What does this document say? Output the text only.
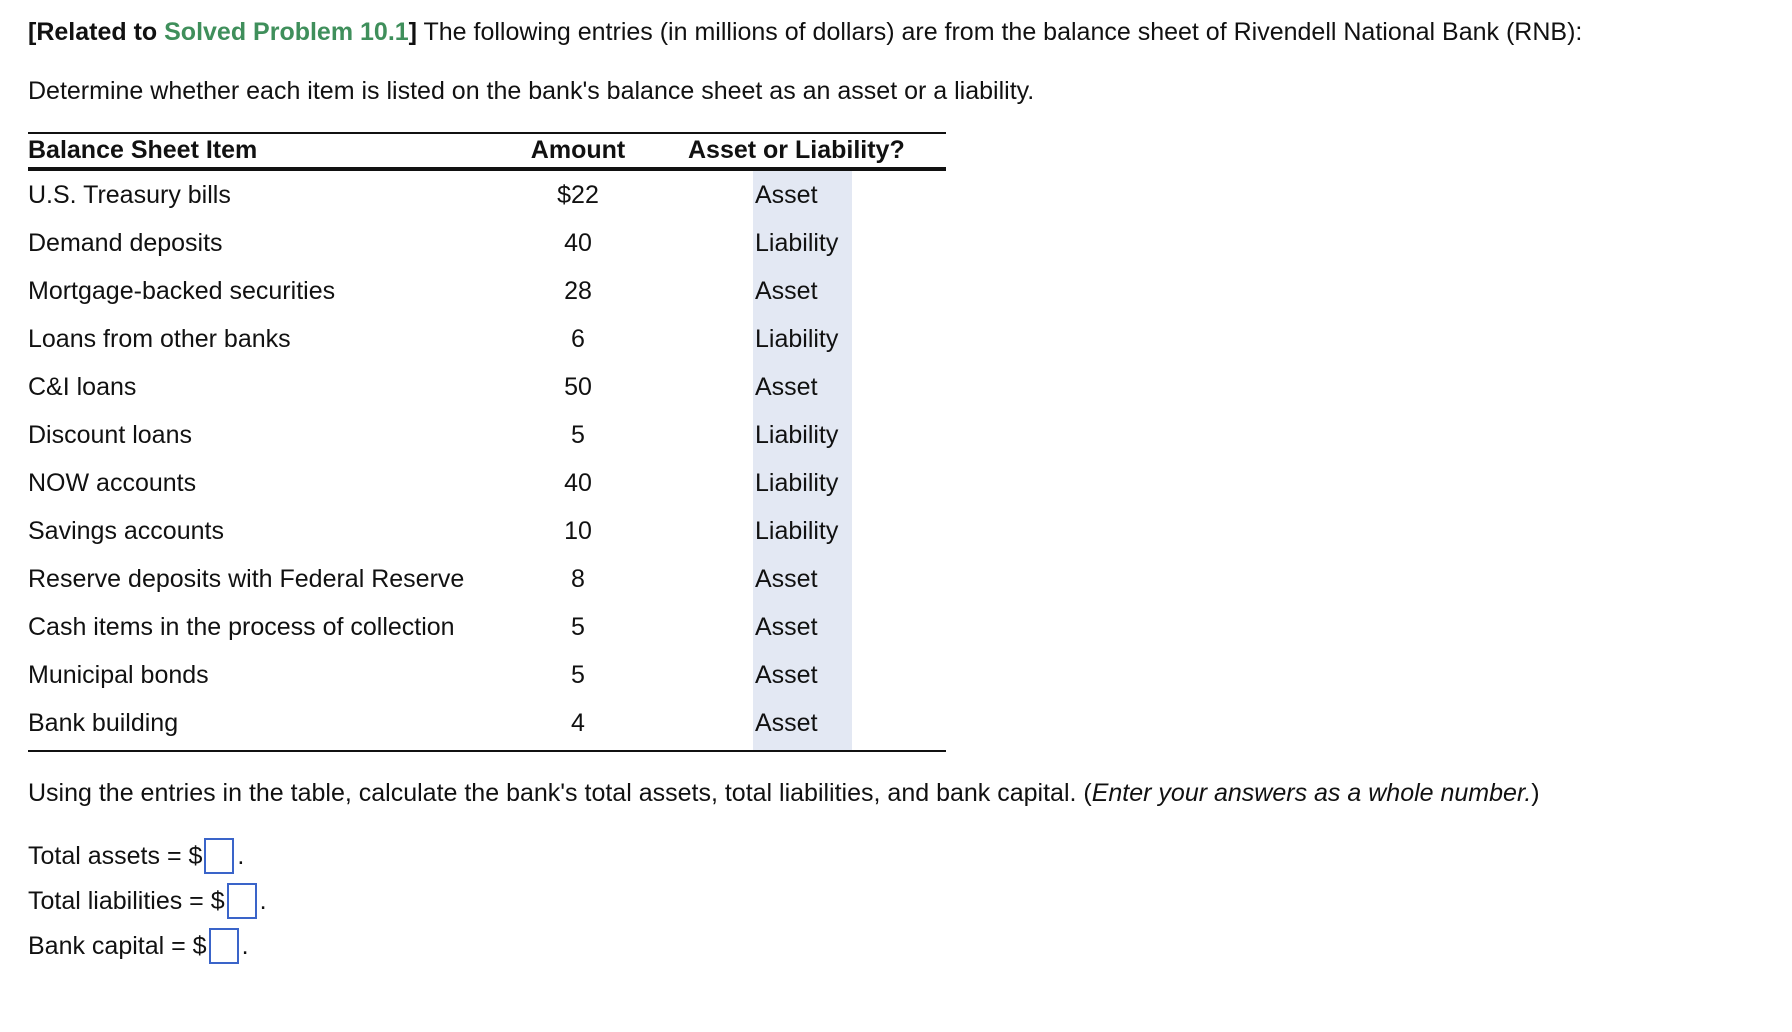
[Related to Solved Problem 10.1] The following entries (in millions of dollars) are from the balance sheet of Rivendell National Bank (RNB):
Determine whether each item is listed on the bank's balance sheet as an asset or a liability.
Balance Sheet Item	Amount	Asset or Liability?
U.S. Treasury bills	$22	Asset
Demand deposits	40	Liability
Mortgage-backed securities	28	Asset
Loans from other banks	6	Liability
C&I loans	50	Asset
Discount loans	5	Liability
NOW accounts	40	Liability
Savings accounts	10	Liability
Reserve deposits with Federal Reserve	8	Asset
Cash items in the process of collection	5	Asset
Municipal bonds	5	Asset
Bank building	4	Asset
Using the entries in the table, calculate the bank's total assets, total liabilities, and bank capital. (Enter your answers as a whole number.)
Total assets = $ .
Total liabilities = $ .
Bank capital = $ .
